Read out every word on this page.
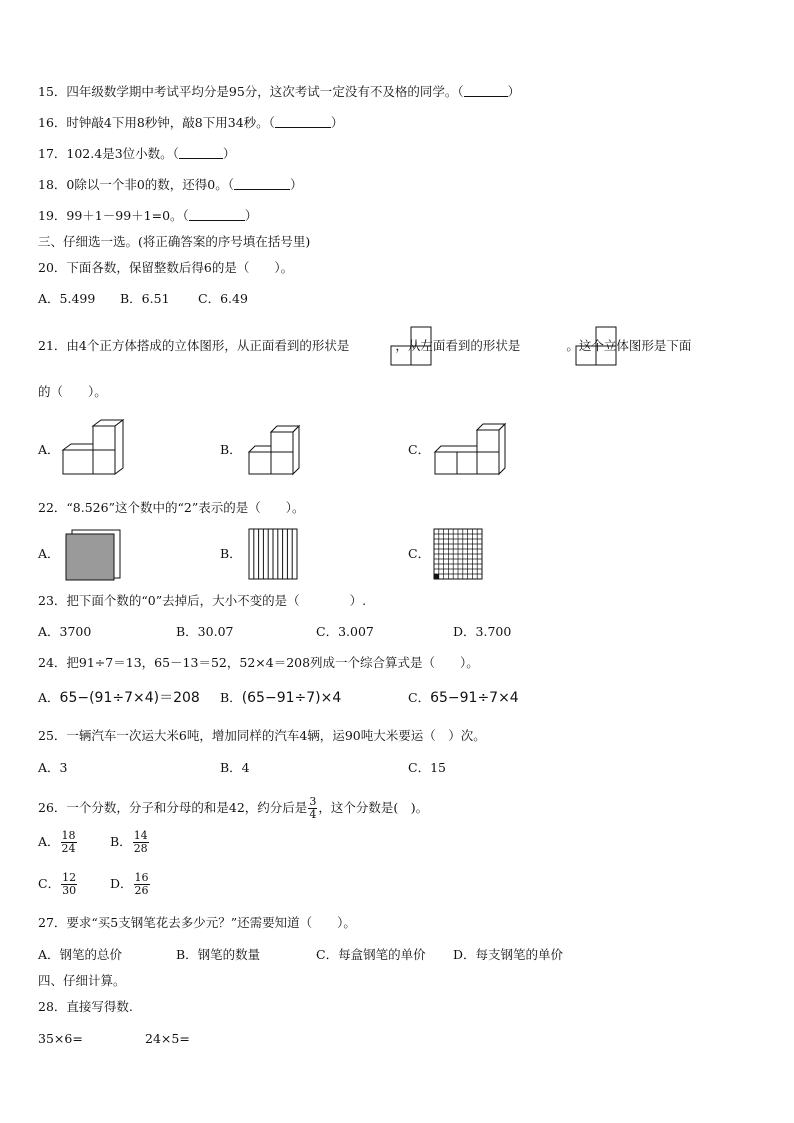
15．四年级数学期中考试平均分是95分，这次考试一定没有不及格的同学。（	）
16．时钟敲4下用8秒钟，敲8下用34秒。（	）
17．102.4是3位小数。（	）
18．0除以一个非0的数，还得0。（	）
19．99＋1－99＋1=0。（	）
三、仔细选一选。(将正确答案的序号填在括号里)
20．下面各数，保留整数后得6的是（　　）。
A．5.499 B．6.51 C．6.49
21．由4个正方体搭成的立体图形，从正面看到的形状是	，从左面看到的形状是	。这个立体图形是下面
的（　　）。
A．	B．	C．
22．“8.526”这个数中的“2”表示的是（　　）。
A．	B．	C．
23．把下面个数的“0”去掉后，大小不变的是（　　　　）.
A．3700	B．30.07	C．3.007	D．3.700
24．把91÷7＝13，65－13＝52，52×4＝208列成一个综合算式是（　　）。
A．65−(91÷7×4)＝208 B．(65−91÷7)×4	C．65−91÷7×4
25．一辆汽车一次运大米6吨，增加同样的汽车4辆，运90吨大米要运（　）次。
A．3	B．4	C．15
26．一个分数，分子和分母的和是42，约分后是 $\frac{3}{4}$ ，这个分数是(　)。
A． $\frac{18}{24}$	B． $\frac{14}{28}$
C． $\frac{12}{30}$	D． $\frac{16}{26}$
27．要求“买5支钢笔花去多少元？”还需要知道（　　）。
A．钢笔的总价	B．钢笔的数量	C．每盒钢笔的单价 D．每支钢笔的单价
四、仔细计算。
28．直接写得数.
35×6=	24×5=
